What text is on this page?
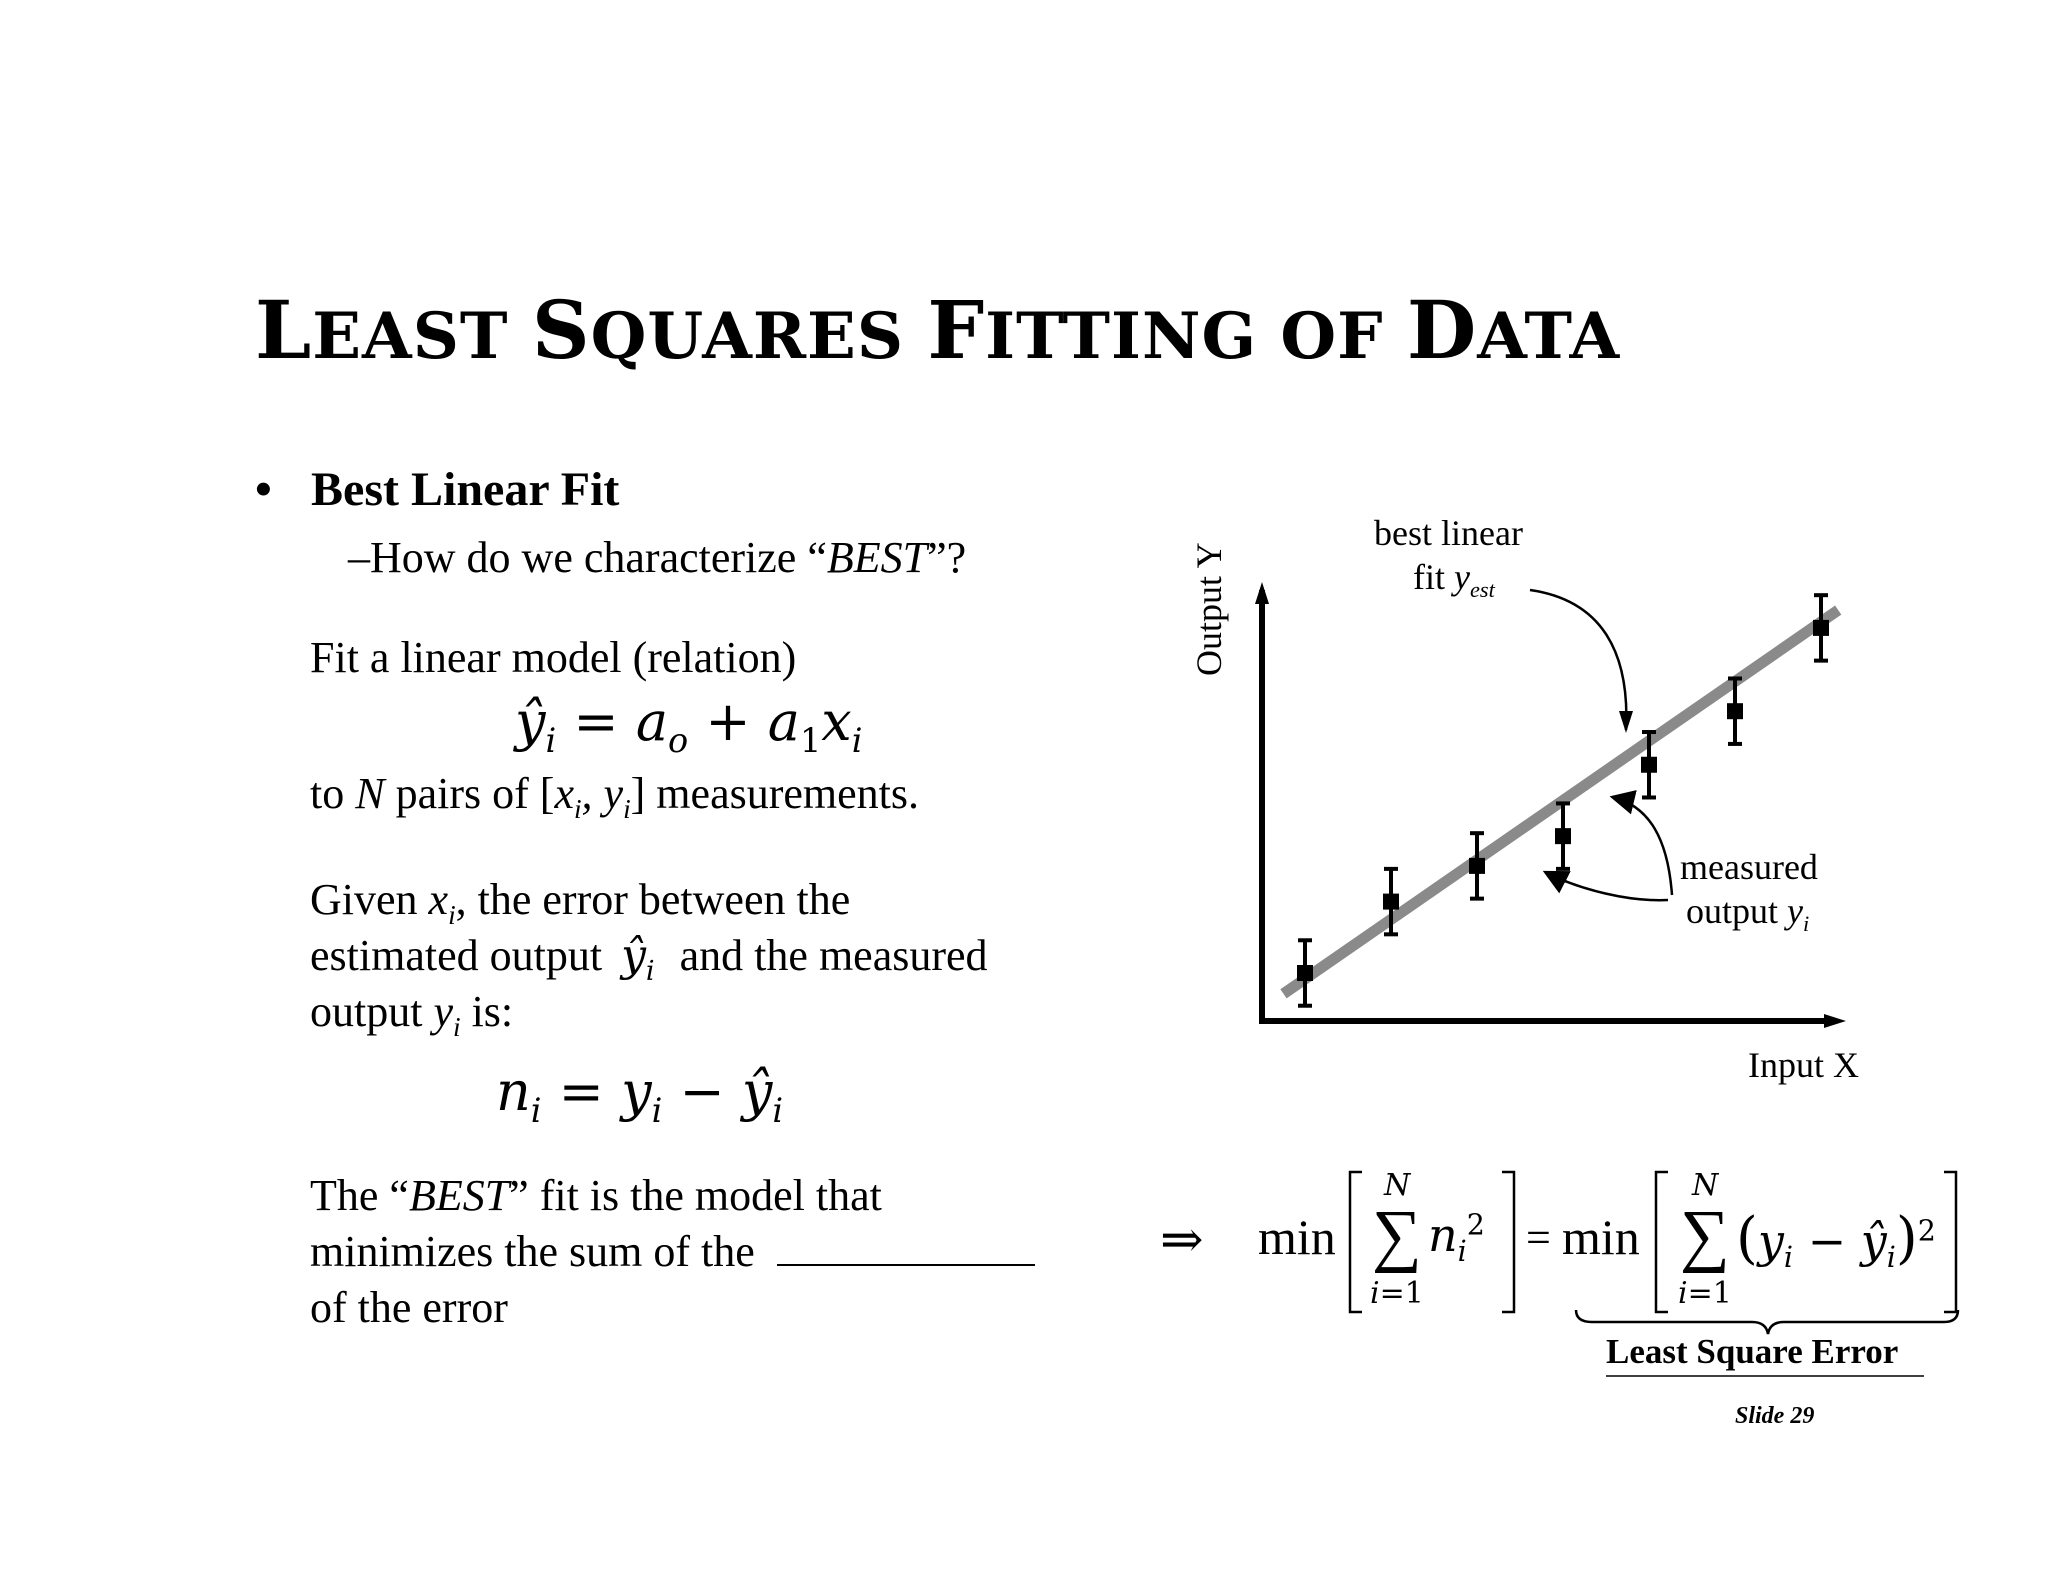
LEAST SQUARES FITTING OF DATA
• Best Linear Fit
–How do we characterize “BEST”?
Fit a linear model (relation)
$ŷ_i = a_o + a_1x_i$
to N pairs of [$x_i$, $y_i$] measurements.
Given $x_i$, the error between the
estimated output $ŷ_i$ and the measured
output $y_i$ is:
$n_i = y_i$ − $ŷ_i$
The “BEST” fit is the model that
minimizes the sum of the
of the error
⇒ min	min
=
∑
N
i=1
$n_i^2$	∑
N
i=1
($y_i$ − $ŷ_i)^2$
Least Square Error
Slide 29
best linear
fit $y_{est}$
measured
output $y_i$
Input X
Output Y
